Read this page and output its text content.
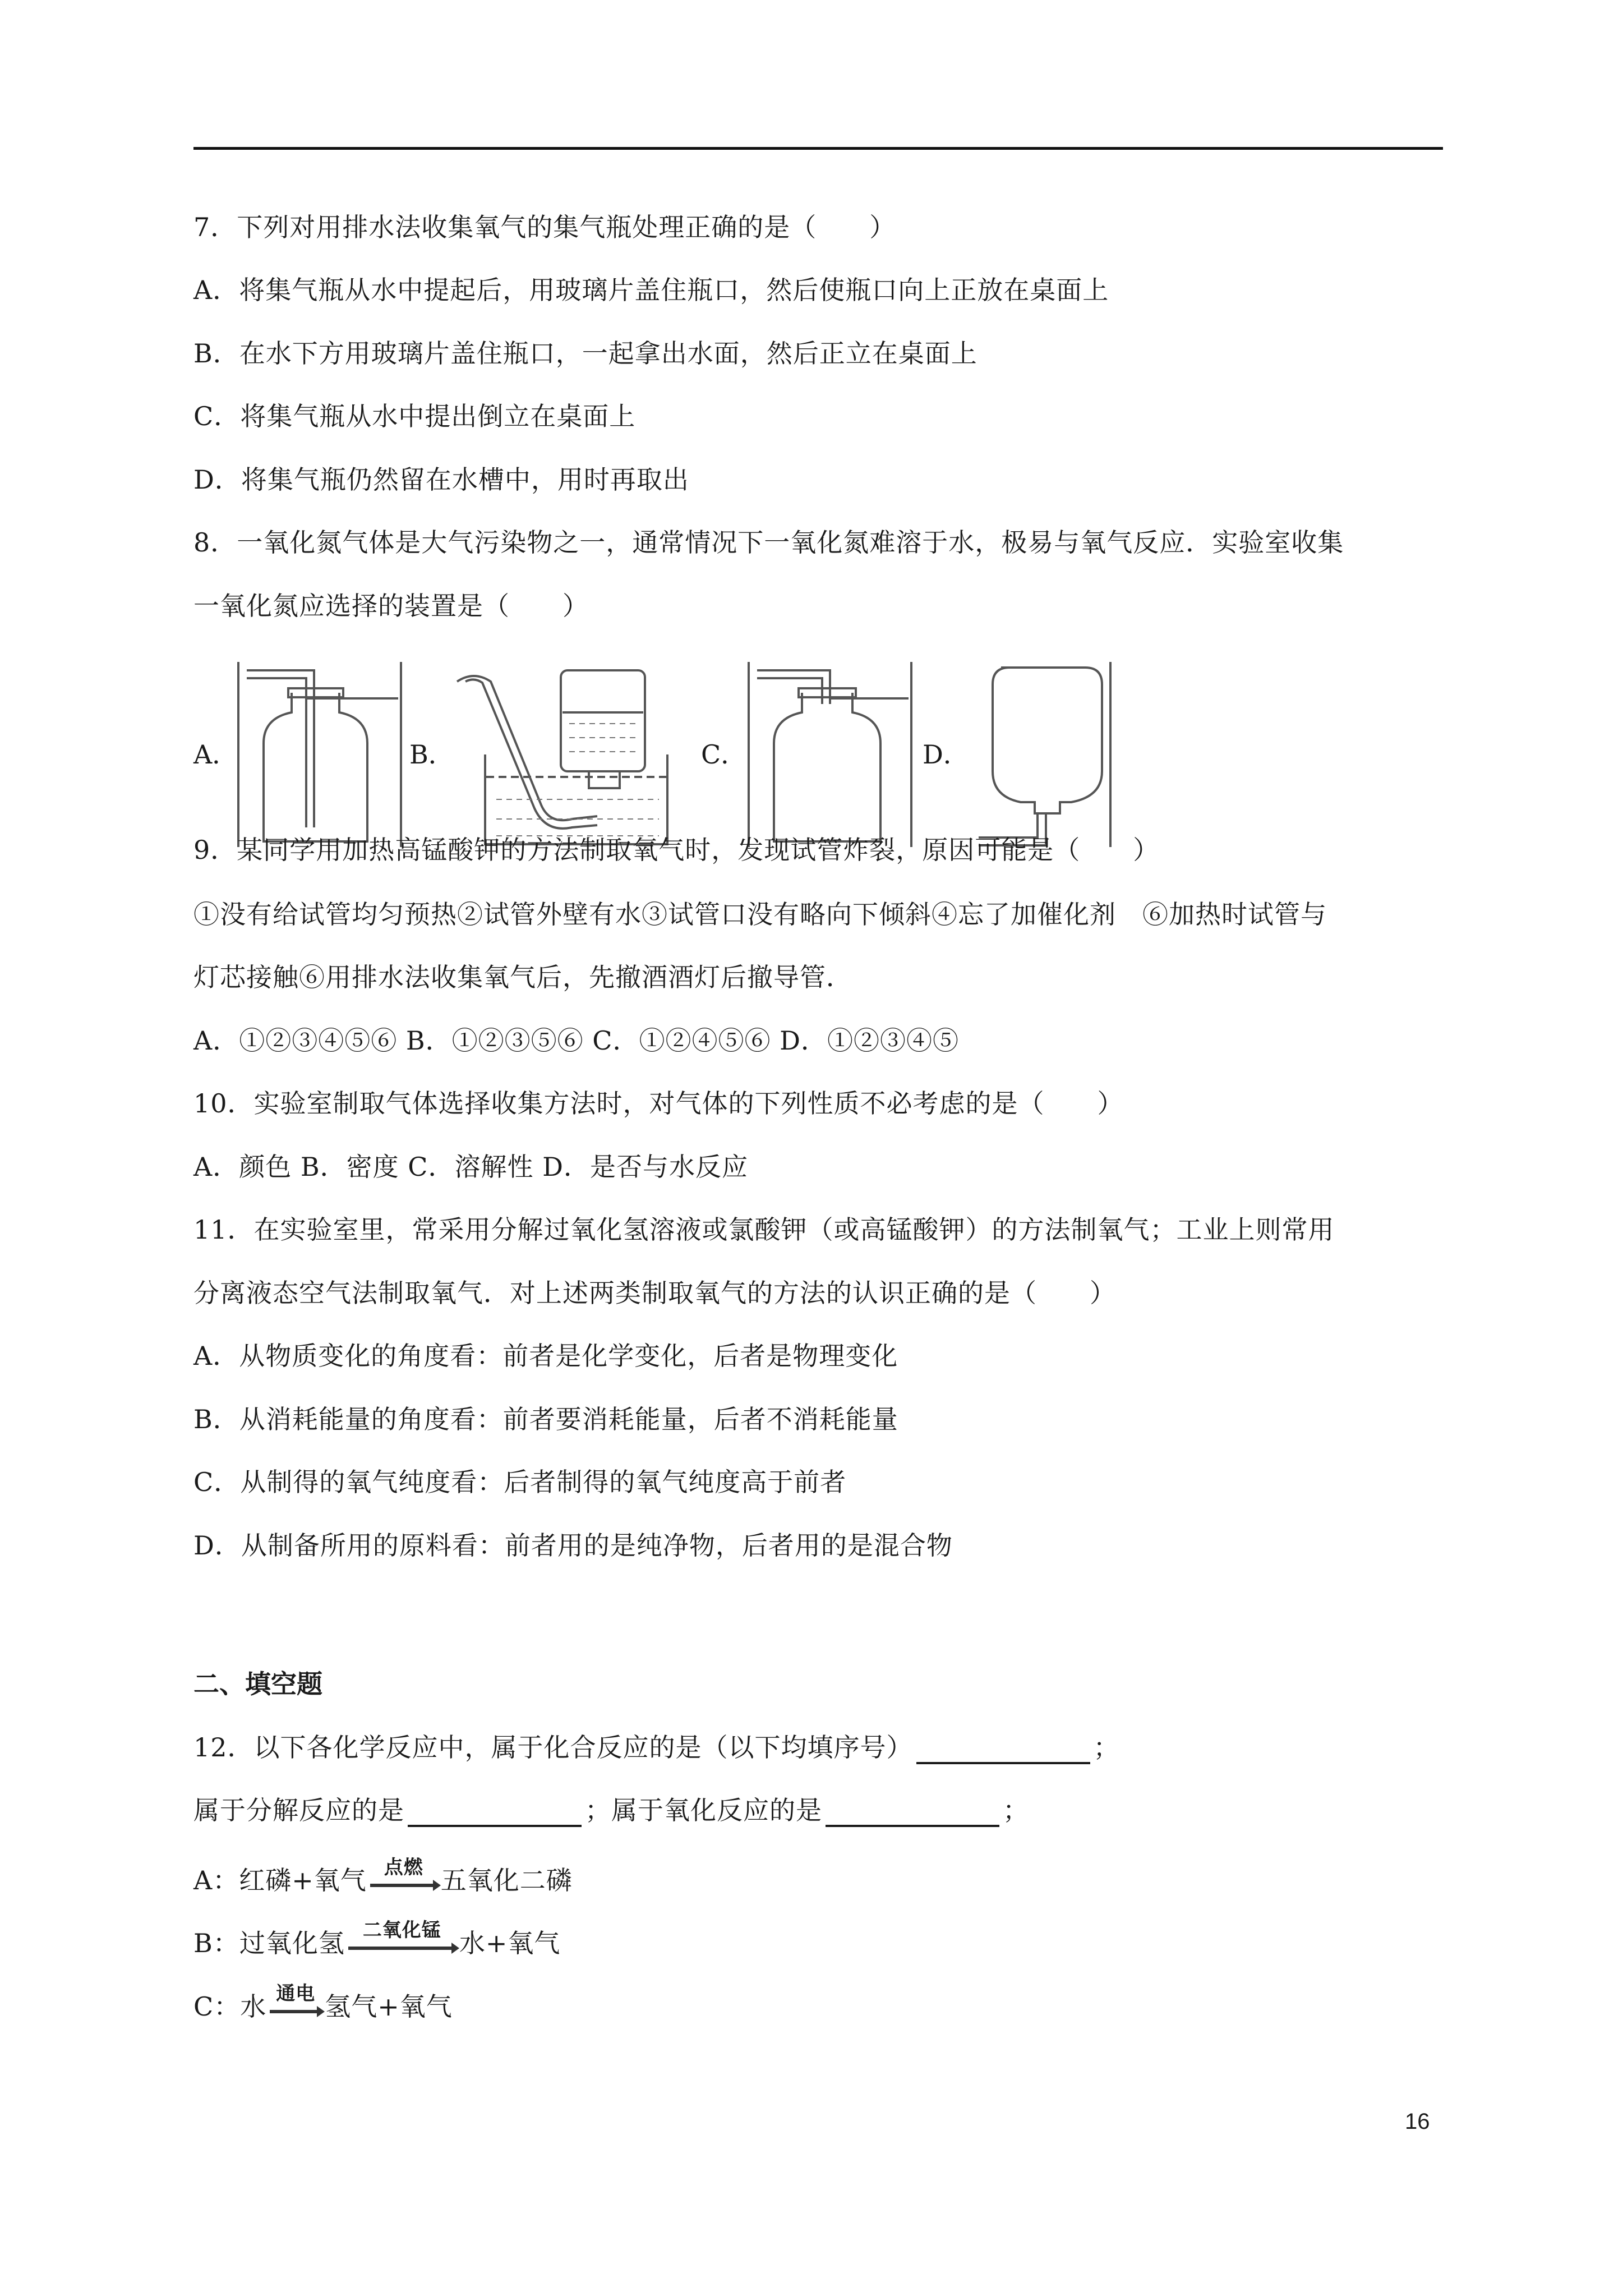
7．下列对用排水法收集氧气的集气瓶处理正确的是（　　）
A．将集气瓶从水中提起后，用玻璃片盖住瓶口，然后使瓶口向上正放在桌面上
B．在水下方用玻璃片盖住瓶口，一起拿出水面，然后正立在桌面上
C．将集气瓶从水中提出倒立在桌面上
D．将集气瓶仍然留在水槽中，用时再取出
8．一氧化氮气体是大气污染物之一，通常情况下一氧化氮难溶于水，极易与氧气反应．实验室收集
一氧化氮应选择的装置是（　　）
A．	B．	C．	D．
9．某同学用加热高锰酸钾的方法制取氧气时，发现试管炸裂，原因可能是（　　）
①没有给试管均匀预热②试管外壁有水③试管口没有略向下倾斜④忘了加催化剂　⑥加热时试管与
灯芯接触⑥用排水法收集氧气后，先撤酒酒灯后撤导管．
A．①②③④⑤⑥ B．①②③⑤⑥ C．①②④⑤⑥ D．①②③④⑤
10．实验室制取气体选择收集方法时，对气体的下列性质不必考虑的是（　　）
A．颜色 B．密度 C．溶解性 D．是否与水反应
11．在实验室里，常采用分解过氧化氢溶液或氯酸钾（或高锰酸钾）的方法制氧气；工业上则常用
分离液态空气法制取氧气．对上述两类制取氧气的方法的认识正确的是（　　）
A．从物质变化的角度看：前者是化学变化，后者是物理变化
B．从消耗能量的角度看：前者要消耗能量，后者不消耗能量
C．从制得的氧气纯度看：后者制得的氧气纯度高于前者
D．从制备所用的原料看：前者用的是纯净物，后者用的是混合物
二、填空题
12．以下各化学反应中，属于化合反应的是（以下均填序号）	；
属于分解反应的是	；属于氧化反应的是	；
A：红磷+氧气 点燃 五氧化二磷
B：过氧化氢 二氧化锰 水+氧气
C：水 通电 氢气+氧气
16
